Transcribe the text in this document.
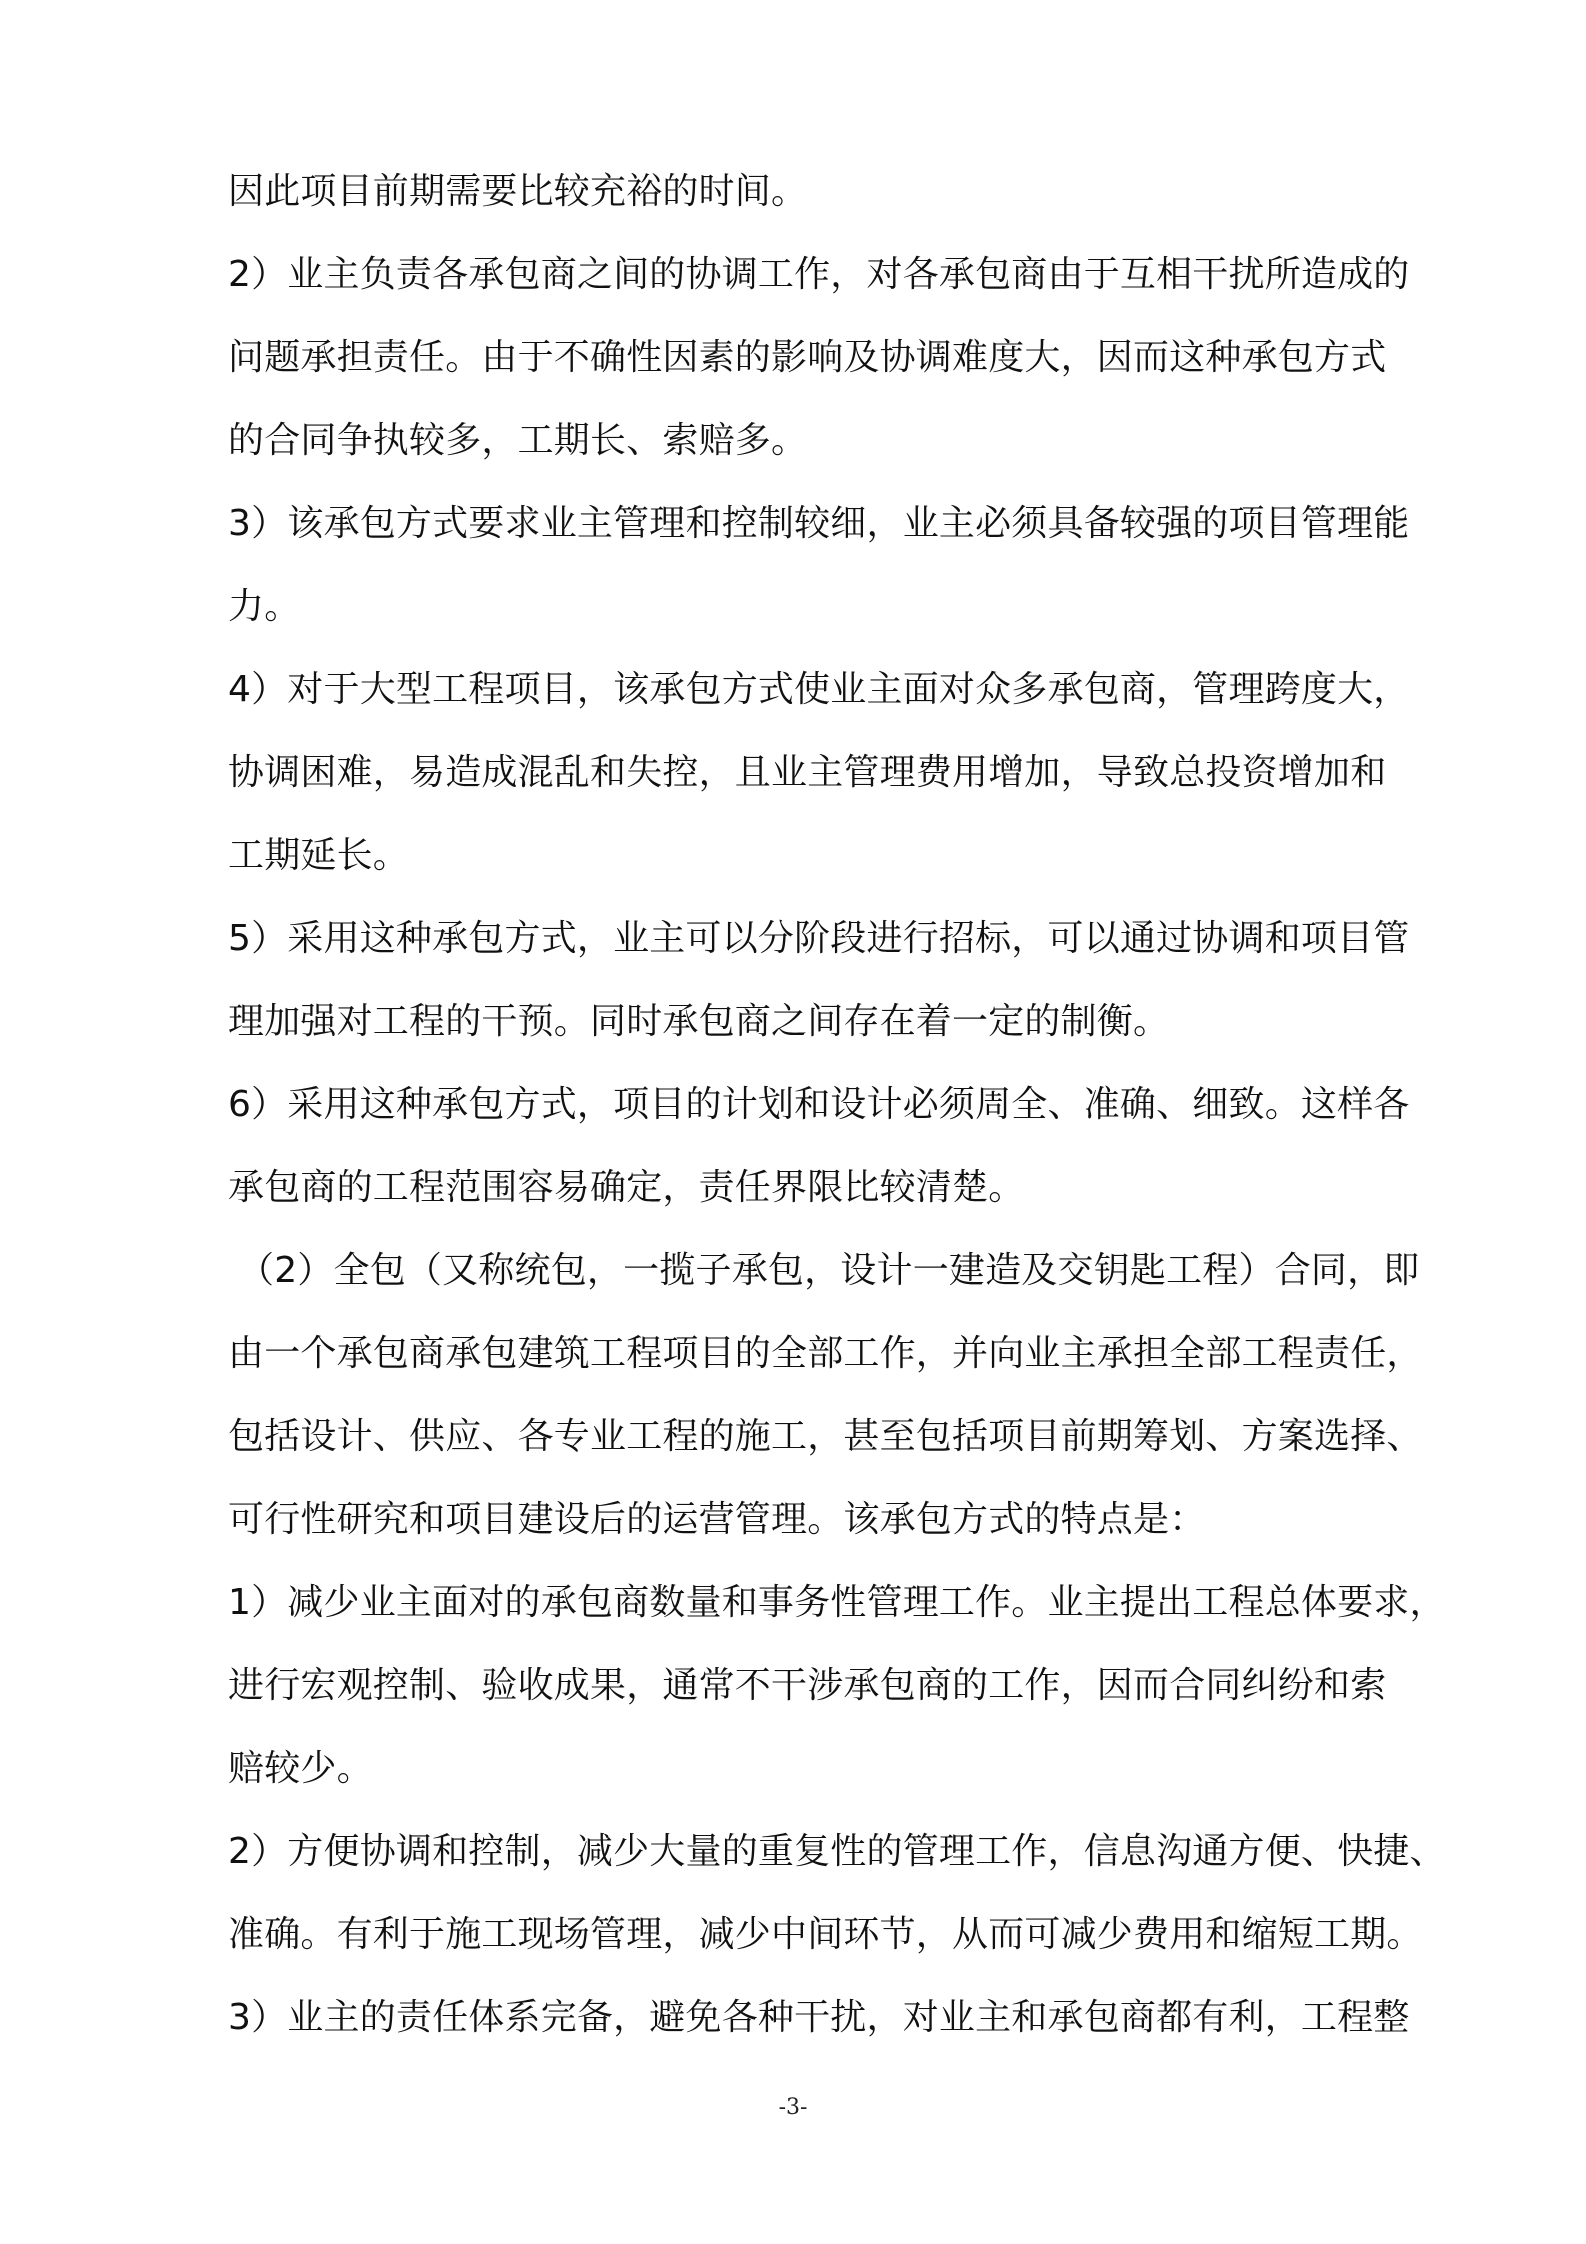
因此项目前期需要比较充裕的时间。
2）业主负责各承包商之间的协调工作，对各承包商由于互相干扰所造成的
问题承担责任。由于不确性因素的影响及协调难度大，因而这种承包方式
的合同争执较多，工期长、索赔多。
3）该承包方式要求业主管理和控制较细，业主必须具备较强的项目管理能
力。
4）对于大型工程项目，该承包方式使业主面对众多承包商，管理跨度大，
协调困难，易造成混乱和失控，且业主管理费用增加，导致总投资增加和
工期延长。
5）采用这种承包方式，业主可以分阶段进行招标，可以通过协调和项目管
理加强对工程的干预。同时承包商之间存在着一定的制衡。
6）采用这种承包方式，项目的计划和设计必须周全、准确、细致。这样各
承包商的工程范围容易确定，责任界限比较清楚。
（2）全包（又称统包，一揽子承包，设计一建造及交钥匙工程）合同，即
由一个承包商承包建筑工程项目的全部工作，并向业主承担全部工程责任，
包括设计、供应、各专业工程的施工，甚至包括项目前期筹划、方案选择、
可行性研究和项目建设后的运营管理。该承包方式的特点是：
1）减少业主面对的承包商数量和事务性管理工作。业主提出工程总体要求，
进行宏观控制、验收成果，通常不干涉承包商的工作，因而合同纠纷和索
赔较少。
2）方便协调和控制，减少大量的重复性的管理工作，信息沟通方便、快捷、
准确。有利于施工现场管理，减少中间环节，从而可减少费用和缩短工期。
3）业主的责任体系完备，避免各种干扰，对业主和承包商都有利，工程整
-3-
